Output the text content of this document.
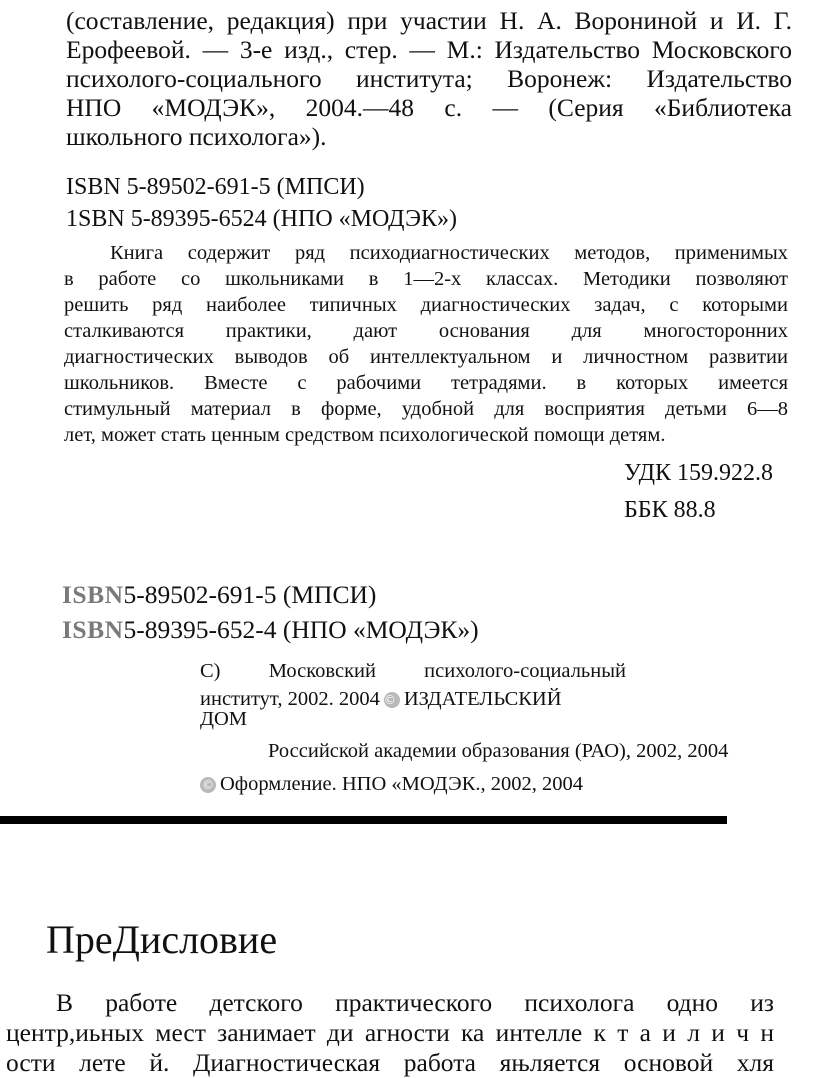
(составление, редакция) при участии Н. А. Ворониной и И. Г.
Ерофеевой. — 3-е изд., стер. — М.: Издательство Московского
психолого-социального института; Воронеж: Издательство
НПО «МОДЭК», 2004.—48 с. — (Серия «Библиотека
школьного психолога»).
ISBN 5-89502-691-5 (МПСИ)
1SBN 5-89395-6524 (НПО «МОДЭК»)
Книга содержит ряд психодиагностических методов, применимых
в работе со школьниками в 1—2-х классах. Методики позволяют
решить ряд наиболее типичных диагностических задач, с которыми
сталкиваются практики, дают основания для многосторонних
диагностических выводов об интеллектуальном и личностном развитии
школьников. Вместе с рабочими тетрадями. в которых имеется
стимульный материал в форме, удобной для восприятия детьми 6—8
лет, может стать ценным средством психологической помощи детям.
УДК 159.922.8
ББК 88.8
ISBN 5-89502-691-5 (МПСИ)
ISBN 5-89395-652-4 (НПО «МОДЭК»)
С) Московский психолого-социальный
институт, 2002. 2004 © ИЗДАТЕЛЬСКИЙ
ДОМ
Российской академии образования (РАО), 2002, 2004
© Оформление. НПО «МОДЭК., 2002, 2004
ПреДисловие
В работе детского практического психолога одно из
центр,иьных мест занимает ди агности ка интелле к т а и л и ч н
ости лете й. Диагностическая работа яњляется основой хля
